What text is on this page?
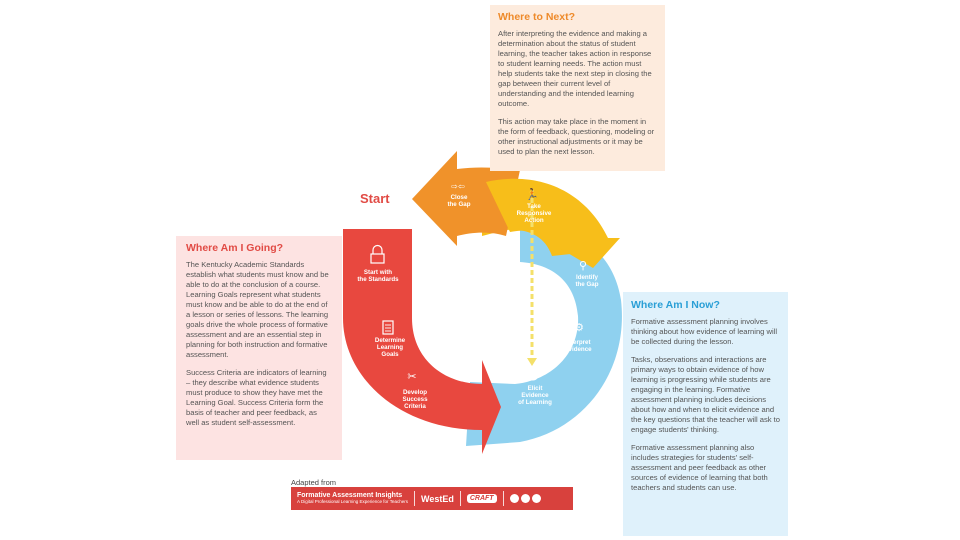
⇨⇦
🏃
⚲
⚙
✂
Close the Gap	Take Responsive Action
Identify the Gap
Interpret Evidence
Elicit Evidence of Learning
Develop Success Criteria
Determine Learning Goals
Start with the Standards
Start
Where to Next?

After interpreting the evidence and making a determination about the status of student learning, the teacher takes action in response to student learning needs. The action must help students take the next step in closing the gap between their current level of understanding and the intended learning outcome.

This action may take place in the moment in the form of feedback, questioning, modeling or other instructional adjustments or it may be used to plan the next lesson.

Where Am I Going?

The Kentucky Academic Standards establish what students must know and be able to do at the conclusion of a course. Learning Goals represent what students must know and be able to do at the end of a lesson or series of lessons. The learning goals drive the whole process of formative assessment and are an essential step in planning for both instruction and formative assessment.

Success Criteria are indicators of learning – they describe what evidence students must produce to show they have met the Learning Goal. Success Criteria form the basis of teacher and peer feedback, as well as student self-assessment.

Where Am I Now?

Formative assessment planning involves thinking about how evidence of learning will be collected during the lesson.

Tasks, observations and interactions are primary ways to obtain evidence of how learning is progressing while students are engaging in the learning. Formative assessment planning includes decisions about how and when to elicit evidence and the key questions that the teacher will ask to engage students' thinking.

Formative assessment planning also includes strategies for students' self-assessment and peer feedback as other sources of evidence of learning that both teachers and students can use.

Adapted from
Formative Assessment Insights
A Digital Professional Learning Experience for Teachers WestEd	CRAFT
